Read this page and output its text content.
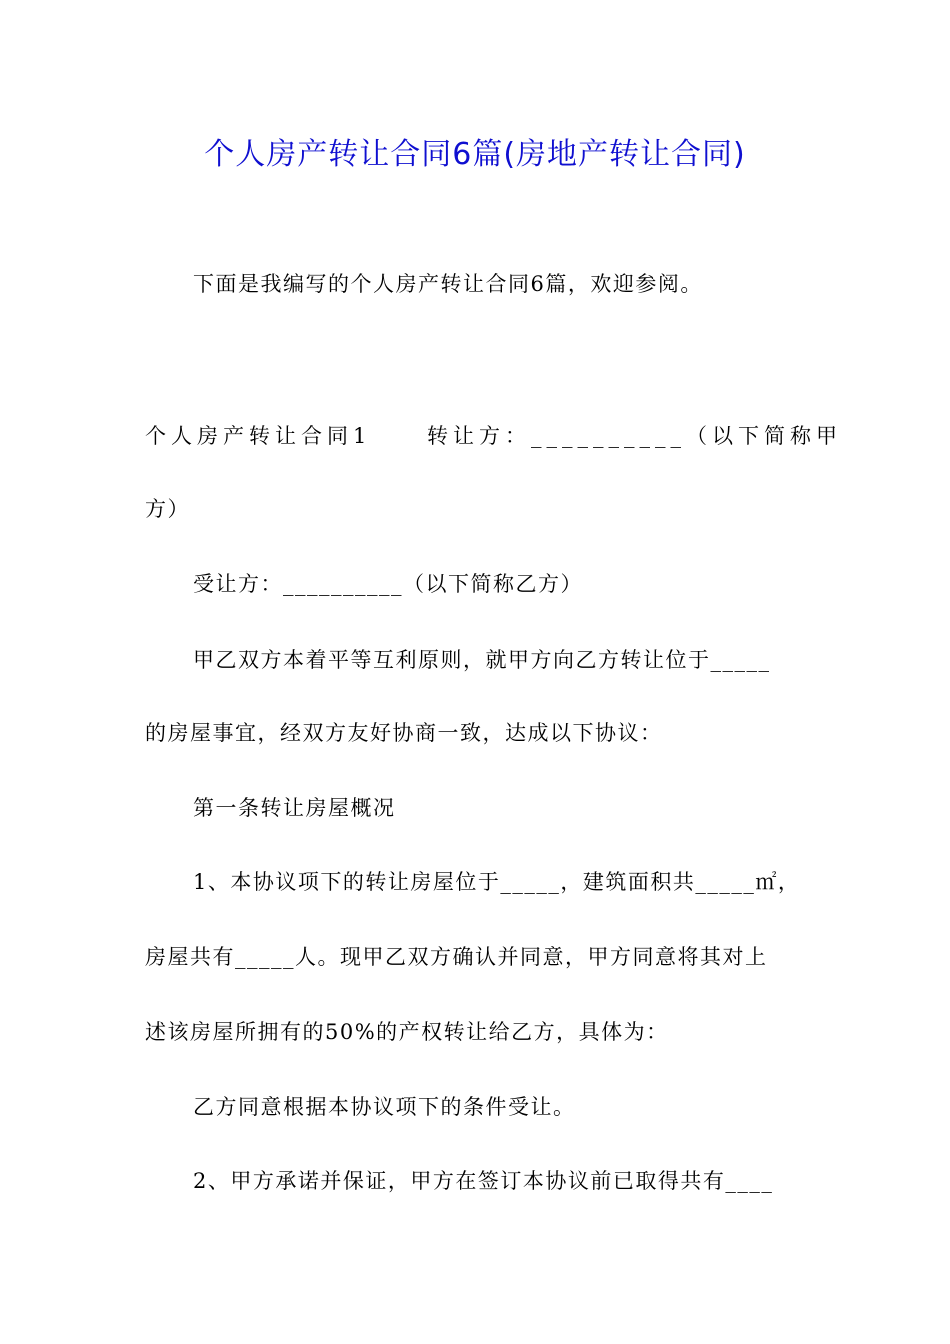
个人房产转让合同6篇(房地产转让合同)
下面是我编写的个人房产转让合同6篇，欢迎参阅。
个人房产转让合同1	转让方：__________（以下简称甲
方）
受让方：__________（以下简称乙方）
甲乙双方本着平等互利原则，就甲方向乙方转让位于_____
的房屋事宜，经双方友好协商一致，达成以下协议：
第一条转让房屋概况
1、本协议项下的转让房屋位于_____，建筑面积共_____㎡，
房屋共有_____人。现甲乙双方确认并同意，甲方同意将其对上
述该房屋所拥有的50%的产权转让给乙方，具体为：
乙方同意根据本协议项下的条件受让。
2、甲方承诺并保证，甲方在签订本协议前已取得共有____
